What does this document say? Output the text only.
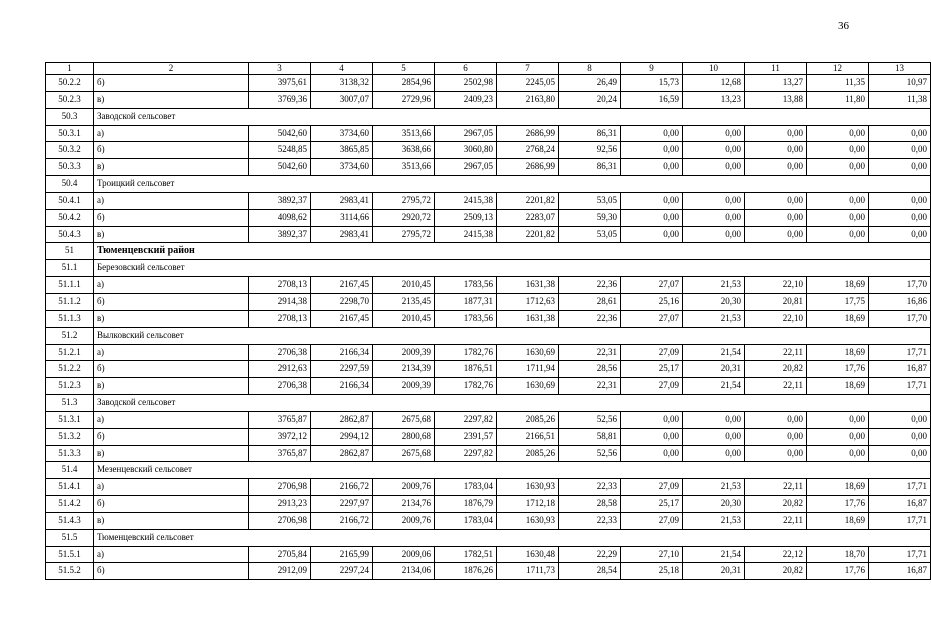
36
1	2	3	4	5	6	7	8	9	10	11	12	13
50.2.2	б)	3975,61	3138,32	2854,96	2502,98	2245,05	26,49	15,73	12,68	13,27	11,35	10,97
50.2.3	в)	3769,36	3007,07	2729,96	2409,23	2163,80	20,24	16,59	13,23	13,88	11,80	11,38
50.3	Заводской сельсовет											
50.3.1	а)	5042,60	3734,60	3513,66	2967,05	2686,99	86,31	0,00	0,00	0,00	0,00	0,00
50.3.2	б)	5248,85	3865,85	3638,66	3060,80	2768,24	92,56	0,00	0,00	0,00	0,00	0,00
50.3.3	в)	5042,60	3734,60	3513,66	2967,05	2686,99	86,31	0,00	0,00	0,00	0,00	0,00
50.4	Троицкий сельсовет											
50.4.1	а)	3892,37	2983,41	2795,72	2415,38	2201,82	53,05	0,00	0,00	0,00	0,00	0,00
50.4.2	б)	4098,62	3114,66	2920,72	2509,13	2283,07	59,30	0,00	0,00	0,00	0,00	0,00
50.4.3	в)	3892,37	2983,41	2795,72	2415,38	2201,82	53,05	0,00	0,00	0,00	0,00	0,00
51	Тюменцевский район											
51.1	Березовский сельсовет											
51.1.1	а)	2708,13	2167,45	2010,45	1783,56	1631,38	22,36	27,07	21,53	22,10	18,69	17,70
51.1.2	б)	2914,38	2298,70	2135,45	1877,31	1712,63	28,61	25,16	20,30	20,81	17,75	16,86
51.1.3	в)	2708,13	2167,45	2010,45	1783,56	1631,38	22,36	27,07	21,53	22,10	18,69	17,70
51.2	Вылковский сельсовет											
51.2.1	а)	2706,38	2166,34	2009,39	1782,76	1630,69	22,31	27,09	21,54	22,11	18,69	17,71
51.2.2	б)	2912,63	2297,59	2134,39	1876,51	1711,94	28,56	25,17	20,31	20,82	17,76	16,87
51.2.3	в)	2706,38	2166,34	2009,39	1782,76	1630,69	22,31	27,09	21,54	22,11	18,69	17,71
51.3	Заводской сельсовет											
51.3.1	а)	3765,87	2862,87	2675,68	2297,82	2085,26	52,56	0,00	0,00	0,00	0,00	0,00
51.3.2	б)	3972,12	2994,12	2800,68	2391,57	2166,51	58,81	0,00	0,00	0,00	0,00	0,00
51.3.3	в)	3765,87	2862,87	2675,68	2297,82	2085,26	52,56	0,00	0,00	0,00	0,00	0,00
51.4	Мезенцевский сельсовет											
51.4.1	а)	2706,98	2166,72	2009,76	1783,04	1630,93	22,33	27,09	21,53	22,11	18,69	17,71
51.4.2	б)	2913,23	2297,97	2134,76	1876,79	1712,18	28,58	25,17	20,30	20,82	17,76	16,87
51.4.3	в)	2706,98	2166,72	2009,76	1783,04	1630,93	22,33	27,09	21,53	22,11	18,69	17,71
51.5	Тюменцевский сельсовет											
51.5.1	а)	2705,84	2165,99	2009,06	1782,51	1630,48	22,29	27,10	21,54	22,12	18,70	17,71
51.5.2	б)	2912,09	2297,24	2134,06	1876,26	1711,73	28,54	25,18	20,31	20,82	17,76	16,87
